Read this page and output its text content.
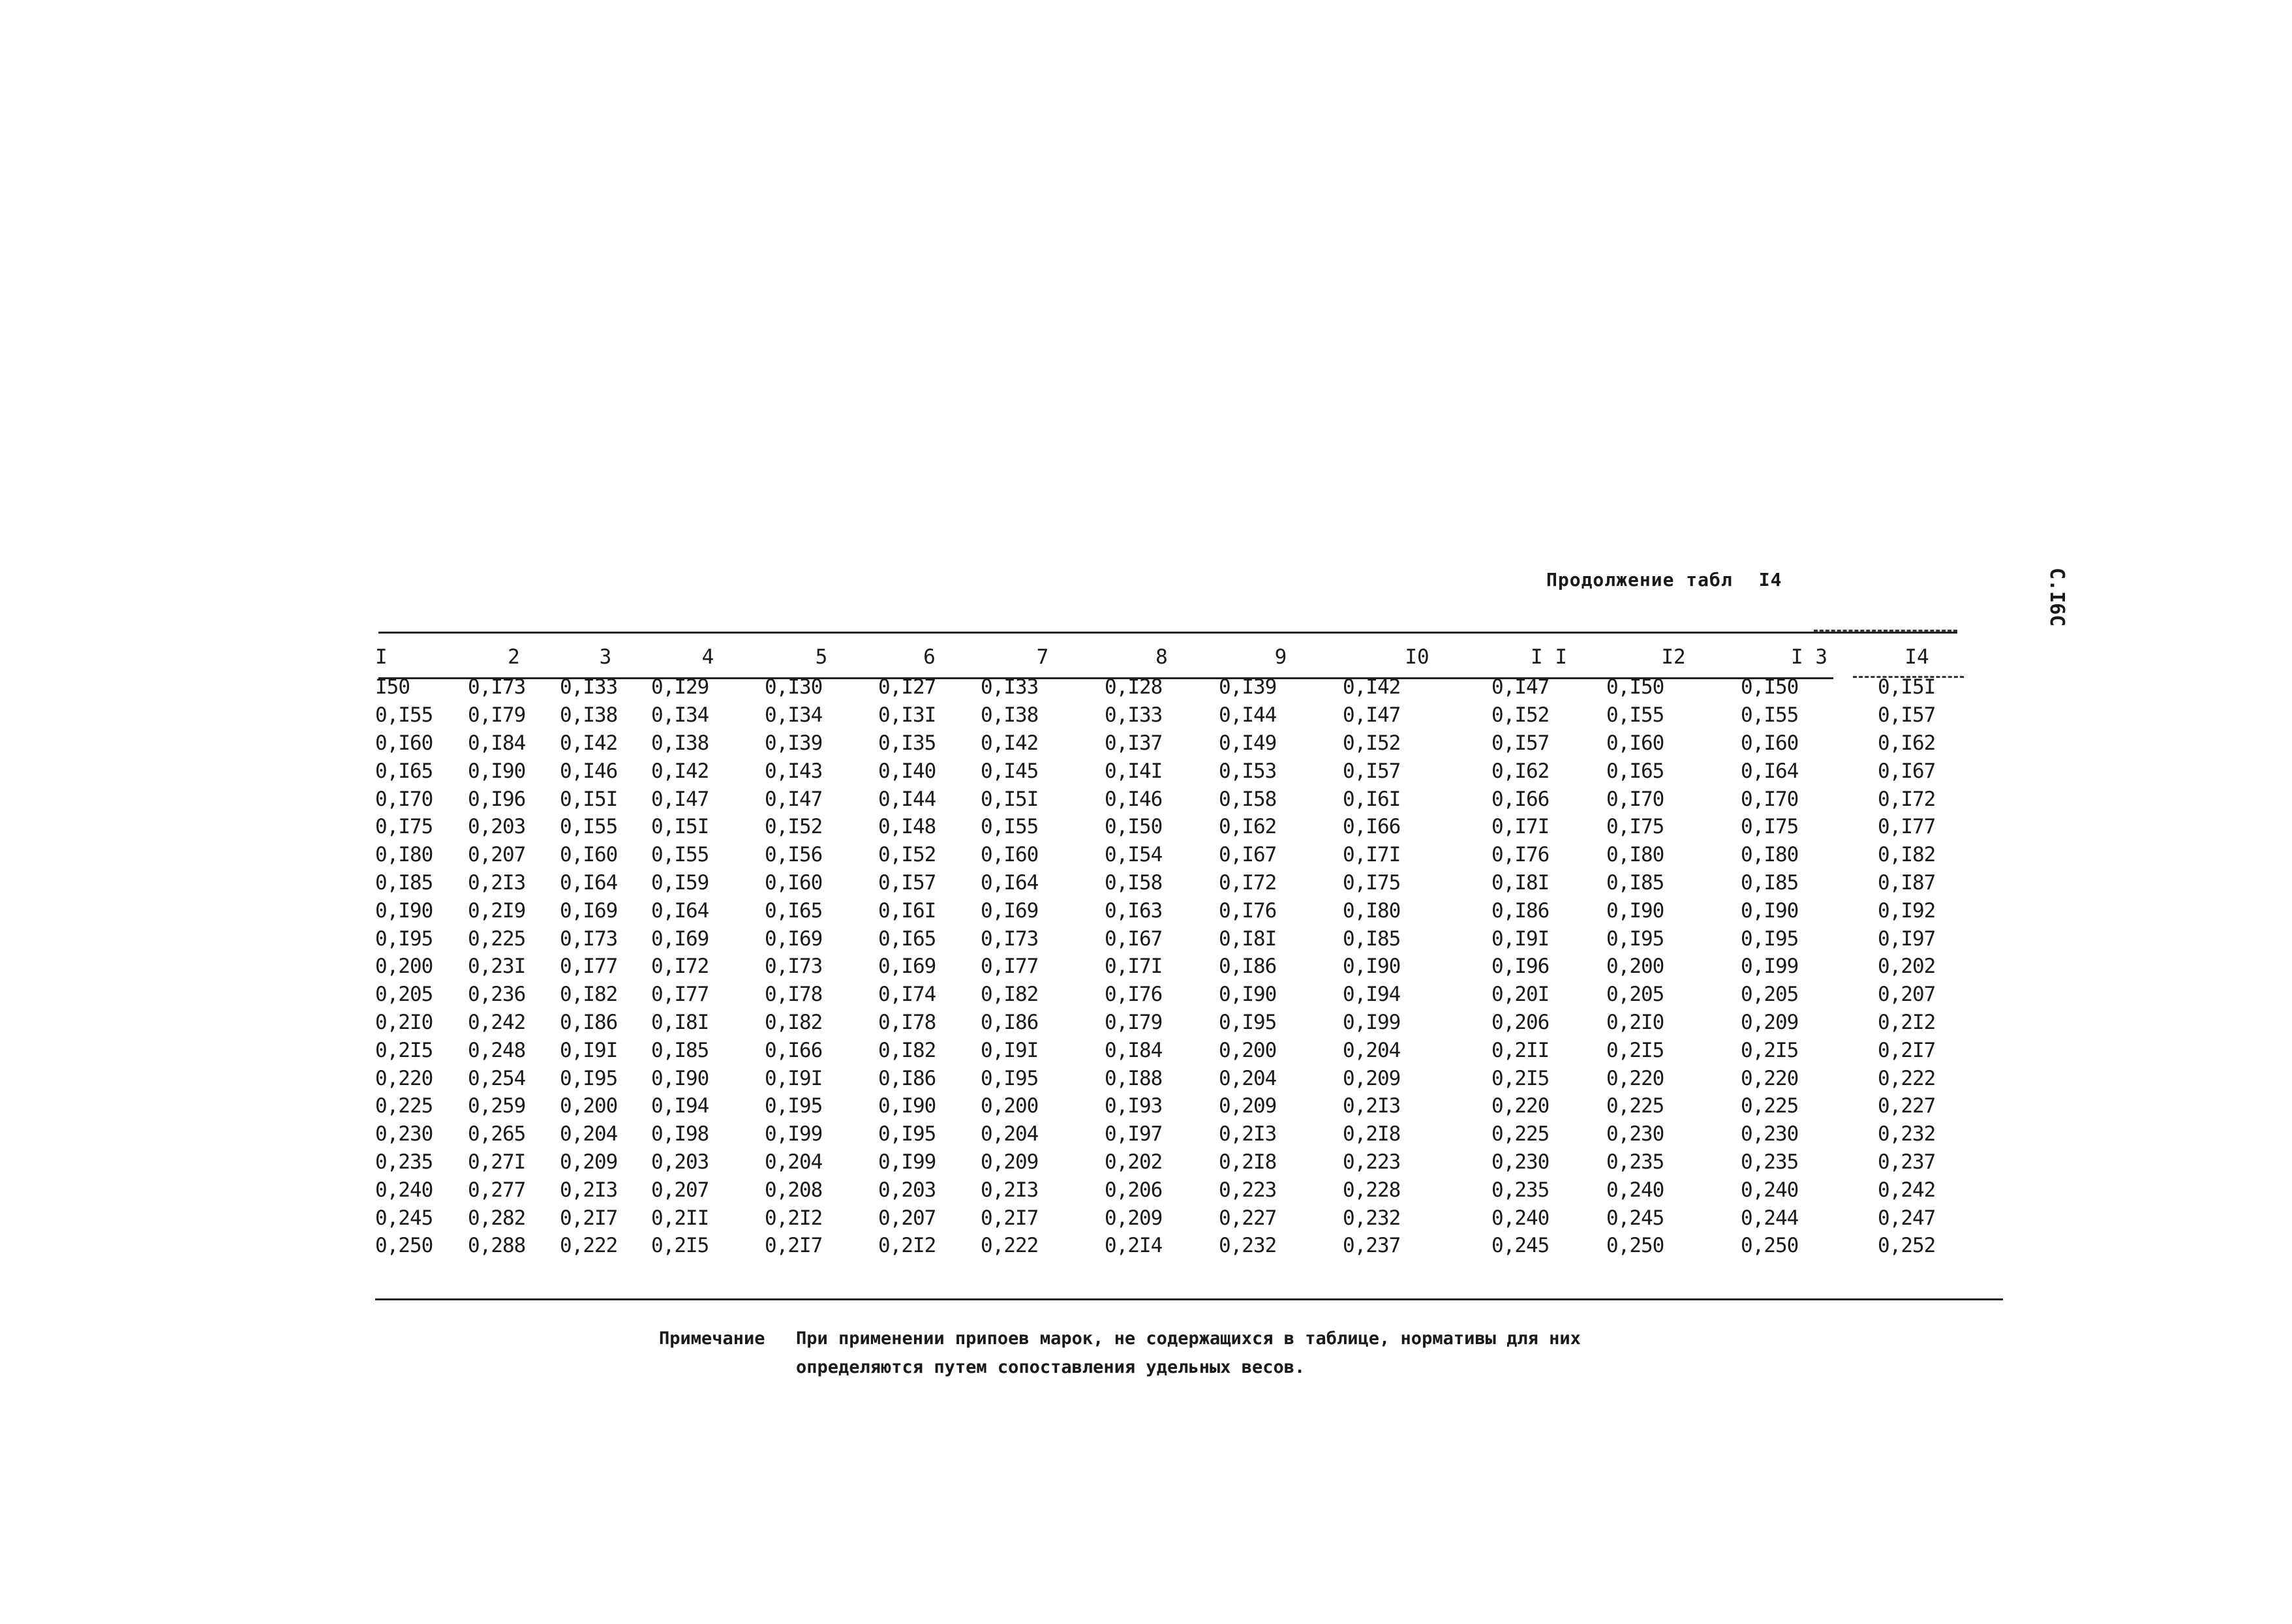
Продолжение табл I4	С.I6С
I	2	3	4	5	6	7	8	9	I0	I I	I2	I 3	I4
I50	0,I73	0,I33	0,I29	0,I30	0,I27	0,I33	0,I28	0,I39	0,I42	0,I47	0,I50	0,I50	0,I5I
0,I55	0,I79	0,I38	0,I34	0,I34	0,I3I	0,I38	0,I33	0,I44	0,I47	0,I52	0,I55	0,I55	0,I57
0,I60	0,I84	0,I42	0,I38	0,I39	0,I35	0,I42	0,I37	0,I49	0,I52	0,I57	0,I60	0,I60	0,I62
0,I65	0,I90	0,I46	0,I42	0,I43	0,I40	0,I45	0,I4I	0,I53	0,I57	0,I62	0,I65	0,I64	0,I67
0,I70	0,I96	0,I5I	0,I47	0,I47	0,I44	0,I5I	0,I46	0,I58	0,I6I	0,I66	0,I70	0,I70	0,I72
0,I75	0,203	0,I55	0,I5I	0,I52	0,I48	0,I55	0,I50	0,I62	0,I66	0,I7I	0,I75	0,I75	0,I77
0,I80	0,207	0,I60	0,I55	0,I56	0,I52	0,I60	0,I54	0,I67	0,I7I	0,I76	0,I80	0,I80	0,I82
0,I85	0,2I3	0,I64	0,I59	0,I60	0,I57	0,I64	0,I58	0,I72	0,I75	0,I8I	0,I85	0,I85	0,I87
0,I90	0,2I9	0,I69	0,I64	0,I65	0,I6I	0,I69	0,I63	0,I76	0,I80	0,I86	0,I90	0,I90	0,I92
0,I95	0,225	0,I73	0,I69	0,I69	0,I65	0,I73	0,I67	0,I8I	0,I85	0,I9I	0,I95	0,I95	0,I97
0,200	0,23I	0,I77	0,I72	0,I73	0,I69	0,I77	0,I7I	0,I86	0,I90	0,I96	0,200	0,I99	0,202
0,205	0,236	0,I82	0,I77	0,I78	0,I74	0,I82	0,I76	0,I90	0,I94	0,20I	0,205	0,205	0,207
0,2I0	0,242	0,I86	0,I8I	0,I82	0,I78	0,I86	0,I79	0,I95	0,I99	0,206	0,2I0	0,209	0,2I2
0,2I5	0,248	0,I9I	0,I85	0,I66	0,I82	0,I9I	0,I84	0,200	0,204	0,2II	0,2I5	0,2I5	0,2I7
0,220	0,254	0,I95	0,I90	0,I9I	0,I86	0,I95	0,I88	0,204	0,209	0,2I5	0,220	0,220	0,222
0,225	0,259	0,200	0,I94	0,I95	0,I90	0,200	0,I93	0,209	0,2I3	0,220	0,225	0,225	0,227
0,230	0,265	0,204	0,I98	0,I99	0,I95	0,204	0,I97	0,2I3	0,2I8	0,225	0,230	0,230	0,232
0,235	0,27I	0,209	0,203	0,204	0,I99	0,209	0,202	0,2I8	0,223	0,230	0,235	0,235	0,237
0,240	0,277	0,2I3	0,207	0,208	0,203	0,2I3	0,206	0,223	0,228	0,235	0,240	0,240	0,242
0,245	0,282	0,2I7	0,2II	0,2I2	0,207	0,2I7	0,209	0,227	0,232	0,240	0,245	0,244	0,247
0,250	0,288	0,222	0,2I5	0,2I7	0,2I2	0,222	0,2I4	0,232	0,237	0,245	0,250	0,250	0,252
Примечание При применении припоев марок, не содержащихся в таблице, нормативы для них
определяются путем сопоставления удельных весов.
